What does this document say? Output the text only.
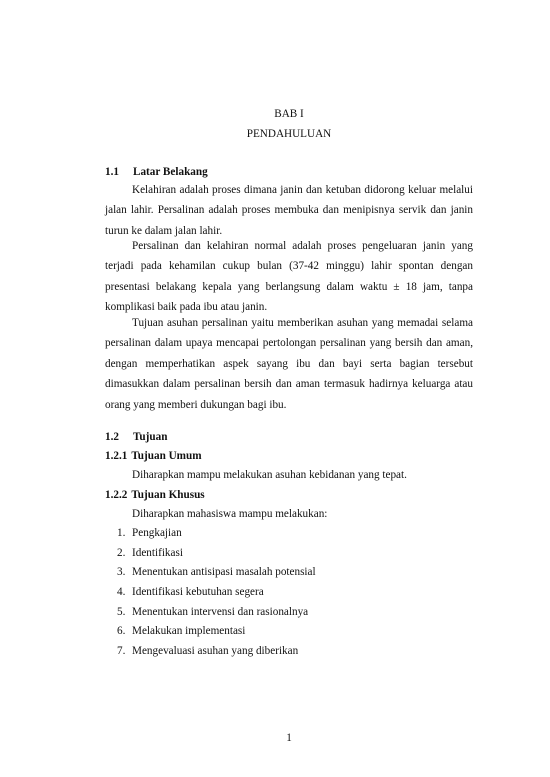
BAB I
PENDAHULUAN
1.1 Latar Belakang

Kelahiran adalah proses dimana janin dan ketuban didorong keluar melalui jalan lahir. Persalinan adalah proses membuka dan menipisnya servik dan janin turun ke dalam jalan lahir.

Persalinan dan kelahiran normal adalah proses pengeluaran janin yang terjadi pada kehamilan cukup bulan (37-42 minggu) lahir spontan dengan presentasi belakang kepala yang berlangsung dalam waktu ± 18 jam, tanpa komplikasi baik pada ibu atau janin.

Tujuan asuhan persalinan yaitu memberikan asuhan yang memadai selama persalinan dalam upaya mencapai pertolongan persalinan yang bersih dan aman, dengan memperhatikan aspek sayang ibu dan bayi serta bagian tersebut dimasukkan dalam persalinan bersih dan aman termasuk hadirnya keluarga atau orang yang memberi dukungan bagi ibu.

1.2 Tujuan
1.2.1 Tujuan Umum
Diharapkan mampu melakukan asuhan kebidanan yang tepat.
1.2.2 Tujuan Khusus
Diharapkan mahasiswa mampu melakukan:
1. Pengkajian
2. Identifikasi
3. Menentukan antisipasi masalah potensial
4. Identifikasi kebutuhan segera
5. Menentukan intervensi dan rasionalnya
6. Melakukan implementasi
7. Mengevaluasi asuhan yang diberikan
1
